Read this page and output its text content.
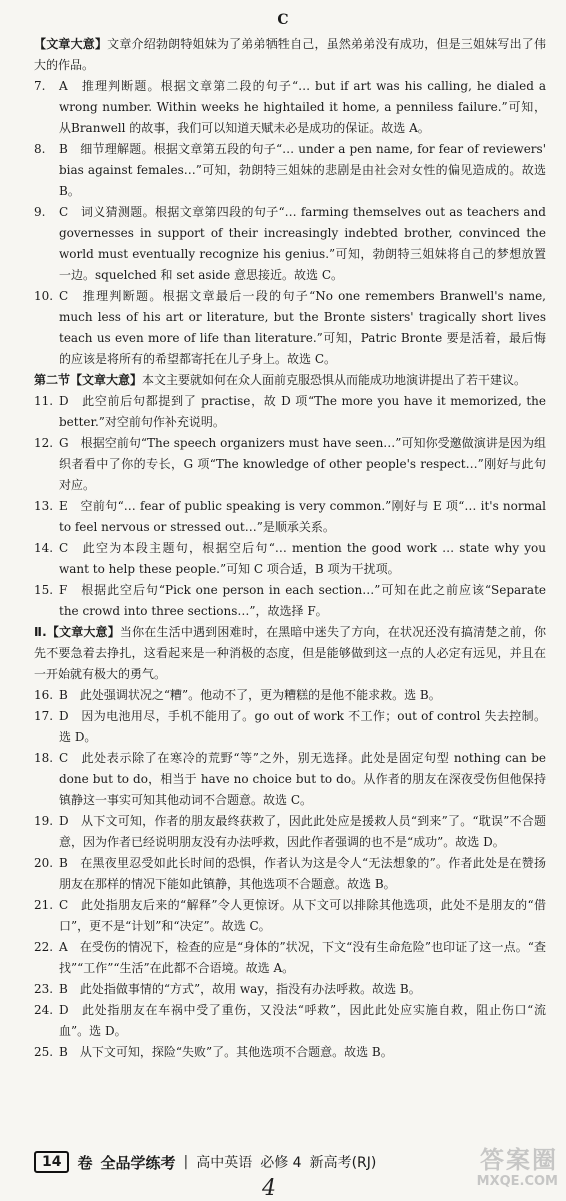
C

【文章大意】文章介绍勃朗特姐妹为了弟弟牺牲自己，虽然弟弟没有成功，但是三姐妹写出了伟大的作品。

7. A　推理判断题。根据文章第二段的句子“… but if art was his calling, he dialed a wrong number. Within weeks he hightailed it home, a penniless failure.”可知，从Branwell 的故事，我们可以知道天赋未必是成功的保证。故选 A。

8. B　细节理解题。根据文章第五段的句子“… under a pen name, for fear of reviewers' bias against females…”可知，勃朗特三姐妹的悲剧是由社会对女性的偏见造成的。故选 B。

9. C　词义猜测题。根据文章第四段的句子“… farming themselves out as teachers and governesses in support of their increasingly indebted brother, convinced the world must eventually recognize his genius.”可知，勃朗特三姐妹将自己的梦想放置一边。squelched 和 set aside 意思接近。故选 C。

10. C　推理判断题。根据文章最后一段的句子“No one remembers Branwell's name, much less of his art or literature, but the Bronte sisters' tragically short lives teach us even more of life than literature.”可知，Patric Bronte 要是活着，最后悔的应该是将所有的希望都寄托在儿子身上。故选 C。

第二节【文章大意】本文主要就如何在众人面前克服恐惧从而能成功地演讲提出了若干建议。

11. D　此空前后句都提到了 practise，故 D 项“The more you have it memorized, the better.”对空前句作补充说明。

12. G　根据空前句“The speech organizers must have seen…”可知你受邀做演讲是因为组织者看中了你的专长，G 项“The knowledge of other people's respect…”刚好与此句对应。

13. E　空前句“… fear of public speaking is very common.”刚好与 E 项“… it's normal to feel nervous or stressed out…”是顺承关系。

14. C　此空为本段主题句，根据空后句“… mention the good work … state why you want to help these people.”可知 C 项合适，B 项为干扰项。

15. F　根据此空后句“Pick one person in each section…”可知在此之前应该“Separate the crowd into three sections…”，故选择 F。

Ⅱ.【文章大意】当你在生活中遇到困难时，在黑暗中迷失了方向，在状况还没有搞清楚之前，你先不要急着去挣扎，这看起来是一种消极的态度，但是能够做到这一点的人必定有远见，并且在一开始就有极大的勇气。

16. B　此处强调状况之“糟”。他动不了，更为糟糕的是他不能求救。选 B。

17. D　因为电池用尽，手机不能用了。go out of work 不工作；out of control 失去控制。选 D。

18. C　此处表示除了在寒冷的荒野“等”之外，别无选择。此处是固定句型 nothing can be done but to do，相当于 have no choice but to do。从作者的朋友在深夜受伤但他保持镇静这一事实可知其他动词不合题意。故选 C。

19. D　从下文可知，作者的朋友最终获救了，因此此处应是援救人员“到来”了。“耽误”不合题意，因为作者已经说明朋友没有办法呼救，因此作者强调的也不是“成功”。故选 D。

20. B　在黑夜里忍受如此长时间的恐惧，作者认为这是令人“无法想象的”。作者此处是在赞扬朋友在那样的情况下能如此镇静，其他选项不合题意。故选 B。

21. C　此处指朋友后来的“解释”令人更惊讶。从下文可以排除其他选项，此处不是朋友的“借口”，更不是“计划”和“决定”。故选 C。

22. A　在受伤的情况下，检查的应是“身体的”状况，下文“没有生命危险”也印证了这一点。“查找”“工作”“生活”在此都不合语境。故选 A。

23. B　此处指做事情的“方式”，故用 way，指没有办法呼救。故选 B。

24. D　此处指朋友在车祸中受了重伤，又没法“呼救”，因此此处应实施自救，阻止伤口“流血”。选 D。

25. B　从下文可知，探险“失败”了。其他选项不合题意。故选 B。

14	卷 全品学练考 | 高中英语 必修 4 新高考(RJ)
4
答案圈
MXQE.COM
